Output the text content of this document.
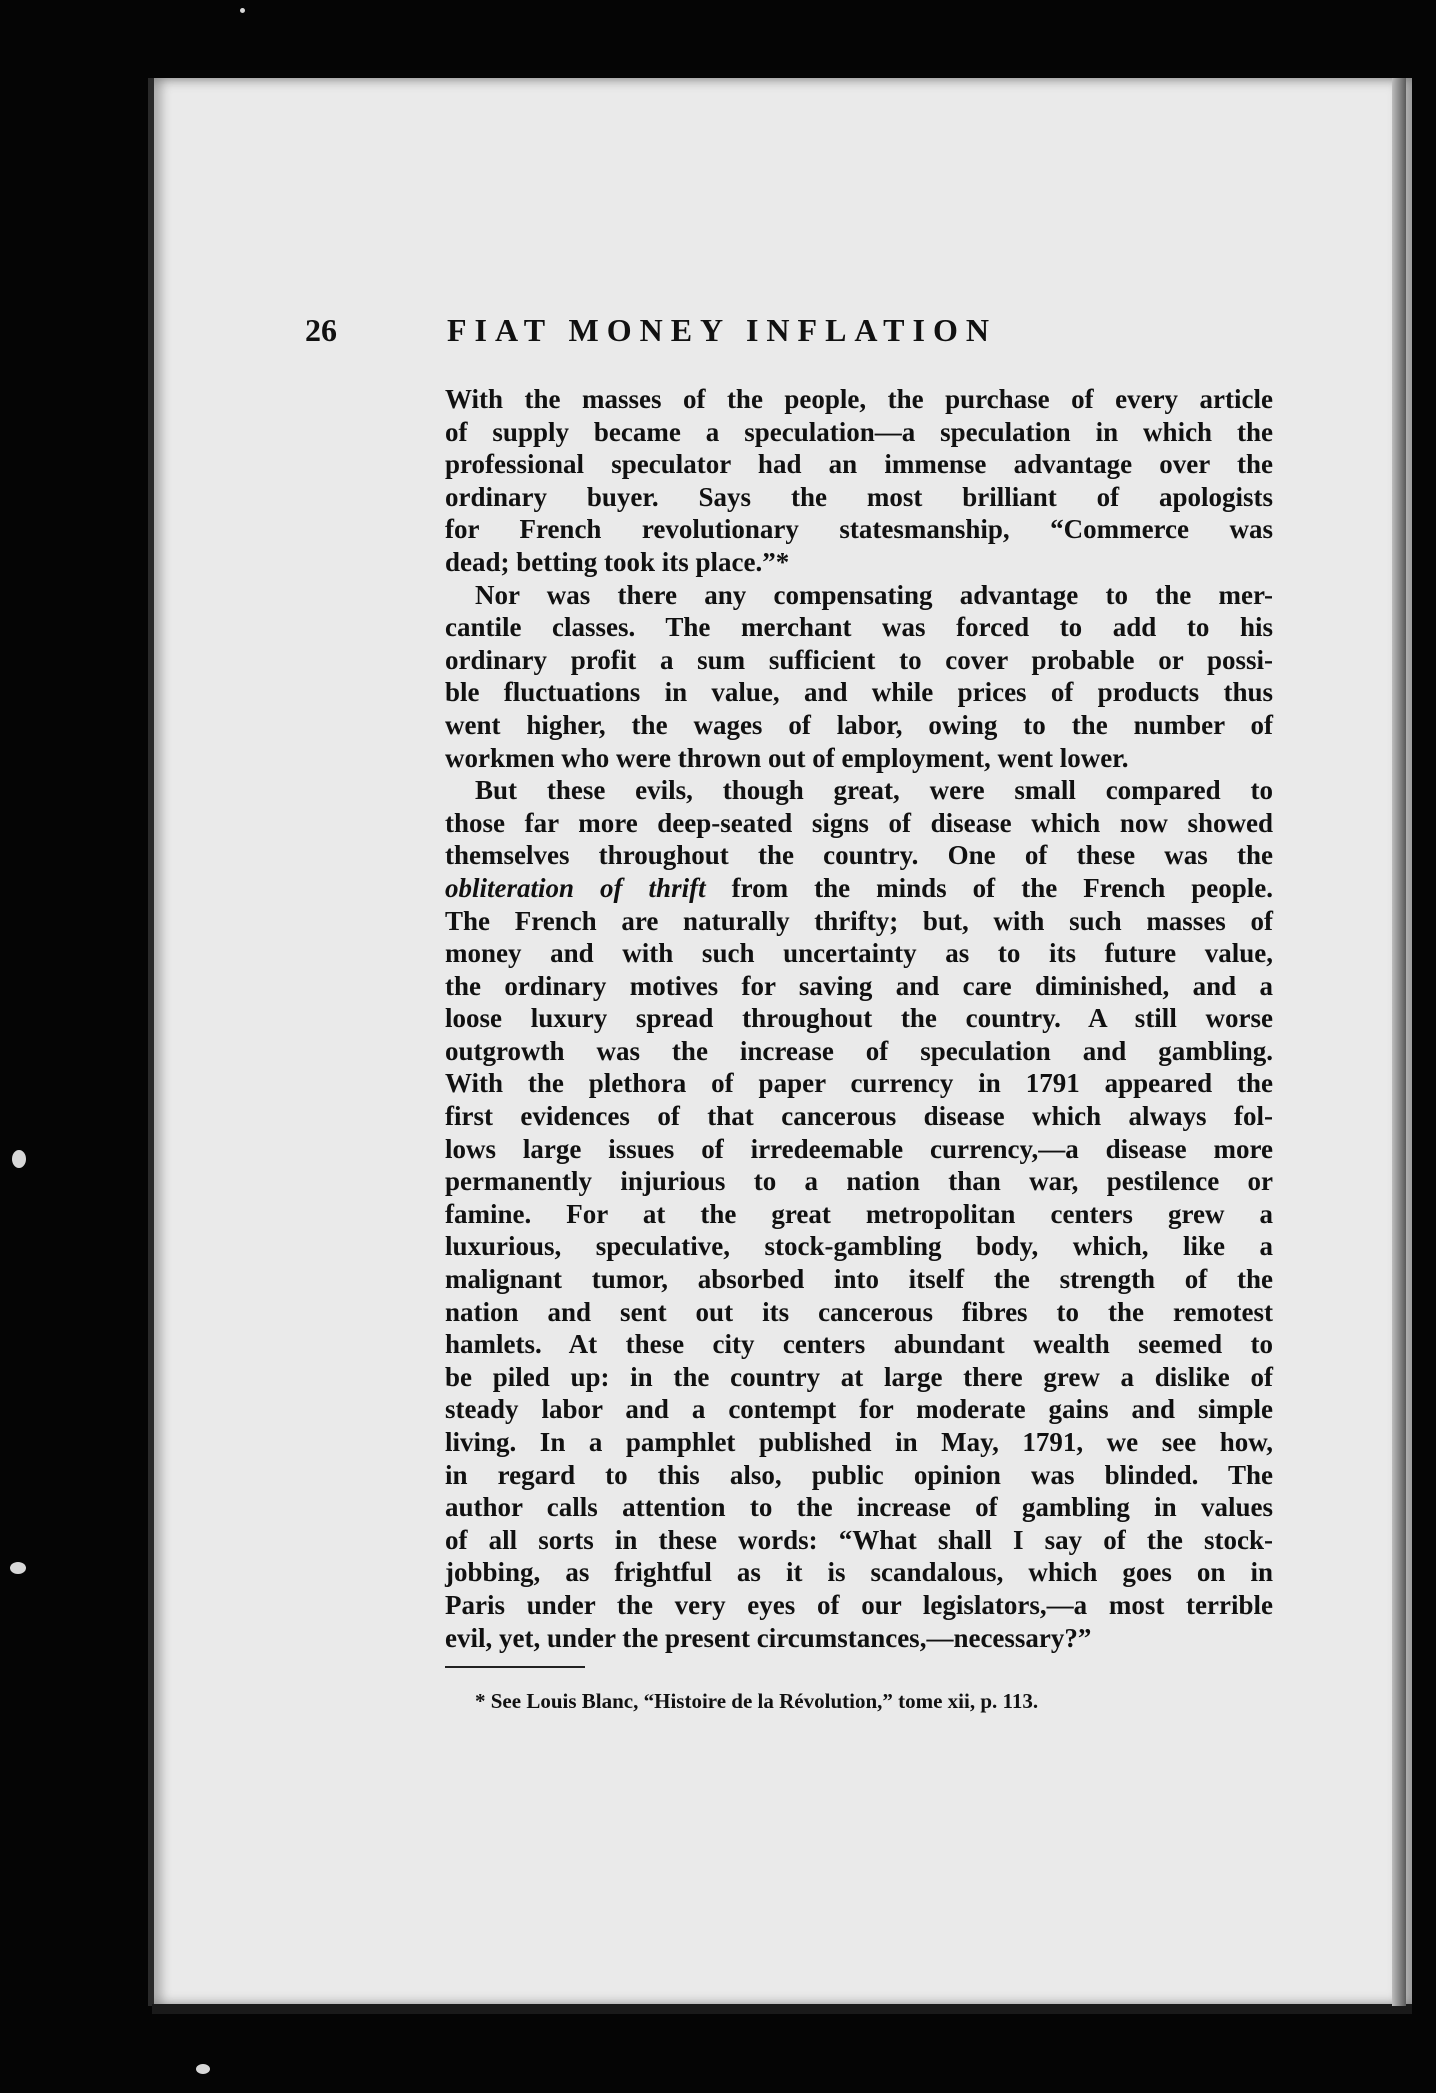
26	FIAT MONEY INFLATION
With the masses of the people, the purchase of every article
of supply became a speculation—a speculation in which the
professional speculator had an immense advantage over the
ordinary buyer. Says the most brilliant of apologists
for French revolutionary statesmanship, “Commerce was
dead; betting took its place.”*
Nor was there any compensating advantage to the mer-
cantile classes. The merchant was forced to add to his
ordinary profit a sum sufficient to cover probable or possi-
ble fluctuations in value, and while prices of products thus
went higher, the wages of labor, owing to the number of
workmen who were thrown out of employment, went lower.
But these evils, though great, were small compared to
those far more deep-seated signs of disease which now showed
themselves throughout the country. One of these was the
obliteration of thrift from the minds of the French people.
The French are naturally thrifty; but, with such masses of
money and with such uncertainty as to its future value,
the ordinary motives for saving and care diminished, and a
loose luxury spread throughout the country. A still worse
outgrowth was the increase of speculation and gambling.
With the plethora of paper currency in 1791 appeared the
first evidences of that cancerous disease which always fol-
lows large issues of irredeemable currency,—a disease more
permanently injurious to a nation than war, pestilence or
famine. For at the great metropolitan centers grew a
luxurious, speculative, stock-gambling body, which, like a
malignant tumor, absorbed into itself the strength of the
nation and sent out its cancerous fibres to the remotest
hamlets. At these city centers abundant wealth seemed to
be piled up: in the country at large there grew a dislike of
steady labor and a contempt for moderate gains and simple
living. In a pamphlet published in May, 1791, we see how,
in regard to this also, public opinion was blinded. The
author calls attention to the increase of gambling in values
of all sorts in these words: “What shall I say of the stock-
jobbing, as frightful as it is scandalous, which goes on in
Paris under the very eyes of our legislators,—a most terrible
evil, yet, under the present circumstances,—necessary?”
* See Louis Blanc, “Histoire de la Révolution,” tome xii, p. 113.
